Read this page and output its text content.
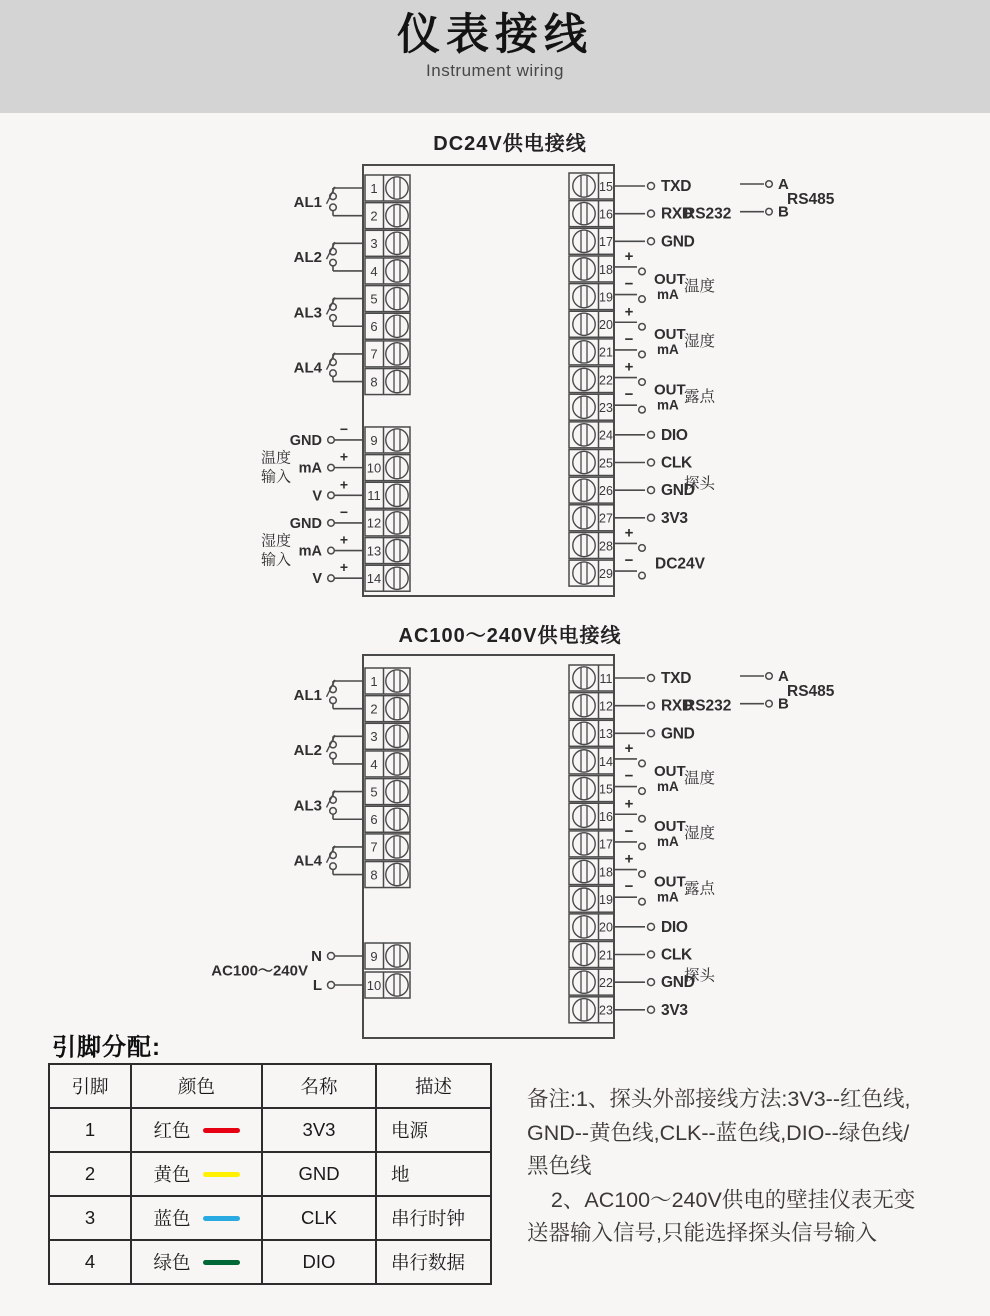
仪表接线
Instrument wiring
1
2
3
4
5
6
7
8
9
10
11
12
13
14
15
16
17
18
19
20
21
22
23
24
25
26
27
28
29
AL1
AL2
AL3
AL4
GND
−
mA
+
V
+
温度
输入
GND
−
mA
+
V
+
湿度
输入
TXD
RXD
GND
RS232
A
B
RS485
+
− OUT
mA 温度
+
− OUT
mA 湿度
+
− OUT
mA 露点
DIO
CLK
GND
3V3
探头
+
− DC24V
1
2
3
4
5
6
7
8
9
10
11
12
13
14
15
16
17
18
19
20
21
22
23
AL1
AL2
AL3
AL4
N
L
AC100～240V
TXD
RXD
GND
RS232
A
B
RS485
+
− OUT
mA 温度
+
− OUT
mA 湿度
+
− OUT
mA 露点
DIO
CLK
GND
3V3
探头
DC24V供电接线
AC100～240V供电接线
引脚分配:
引脚	颜色	名称	描述
1	红色	3V3	电源
2	黄色	GND	地
3	蓝色	CLK	串行时钟
4	绿色	DIO	串行数据
备注:1、探头外部接线方法:3V3--红色线,
GND--黄色线,CLK--蓝色线,DIO--绿色线/
黑色线
2、AC100～240V供电的壁挂仪表无变
送器输入信号,只能选择探头信号输入
